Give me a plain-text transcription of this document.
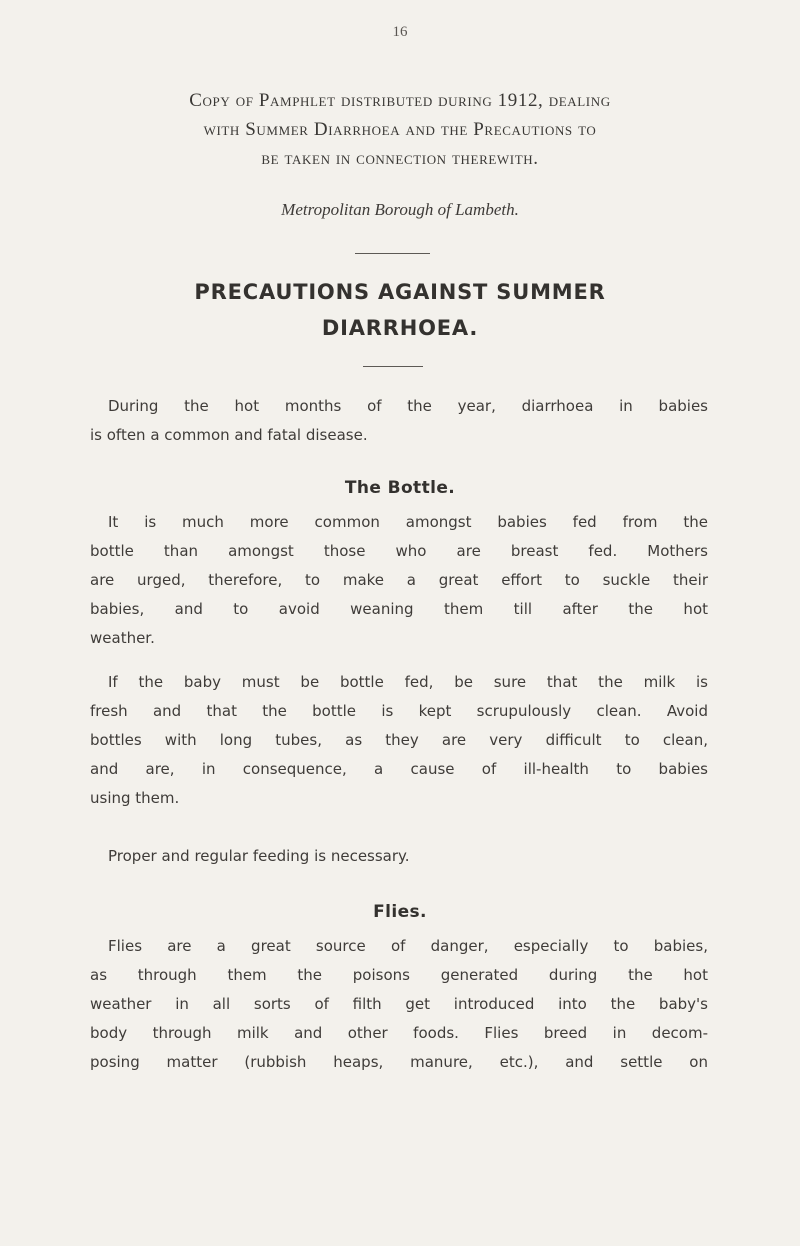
16
Copy of Pamphlet distributed during 1912, dealing
with Summer Diarrhoea and the Precautions to
be taken in connection therewith.
Metropolitan Borough of Lambeth.
PRECAUTIONS AGAINST SUMMER
DIARRHOEA.
During the hot months of the year, diarrhoea in babies
is often a common and fatal disease.
The Bottle.
It is much more common amongst babies fed from the
bottle than amongst those who are breast fed. Mothers
are urged, therefore, to make a great effort to suckle their
babies, and to avoid weaning them till after the hot
weather.
If the baby must be bottle fed, be sure that the milk is
fresh and that the bottle is kept scrupulously clean. Avoid
bottles with long tubes, as they are very difficult to clean,
and are, in consequence, a cause of ill-health to babies
using them.
Proper and regular feeding is necessary.
Flies.
Flies are a great source of danger, especially to babies,
as through them the poisons generated during the hot
weather in all sorts of filth get introduced into the baby's
body through milk and other foods. Flies breed in decom-
posing matter (rubbish heaps, manure, etc.), and settle on
